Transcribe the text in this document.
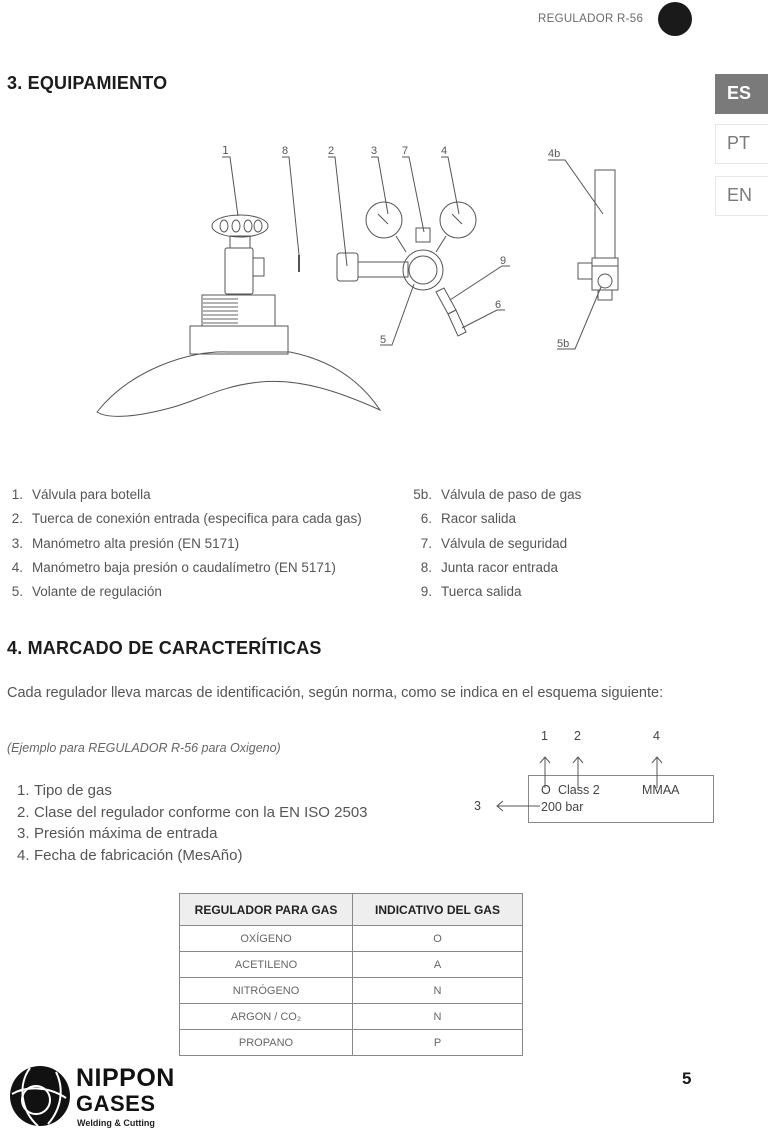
REGULADOR R-56
ES
PT
EN
3. EQUIPAMIENTO
1	8	2	3	4
7
9
6
5
4b
5b
1. Válvula para botella
2. Tuerca de conexión entrada (especifica para cada gas)
3. Manómetro alta presión (EN 5171)
4. Manómetro baja presión o caudalímetro (EN 5171)
5. Volante de regulación
5b. Válvula de paso de gas
6. Racor salida
7. Válvula de seguridad
8. Junta racor entrada
9. Tuerca salida
4. MARCADO DE CARACTERÍTICAS
Cada regulador lleva marcas de identificación, según norma, como se indica en el esquema siguiente:
(Ejemplo para REGULADOR R-56 para Oxigeno)
1. Tipo de gas
2. Clase del regulador conforme con la EN ISO 2503
3. Presión máxima de entrada
4. Fecha de fabricación (MesAño)
1 2	4
3
O Class 2	MMAA
200 bar
REGULADOR PARA GAS	INDICATIVO DEL GAS
OXÍGENO	O
ACETILENO	A
NITRÓGENO	N
ARGON / CO₂	N
PROPANO	P
NIPPON
GASES
Welding & Cutting
5
